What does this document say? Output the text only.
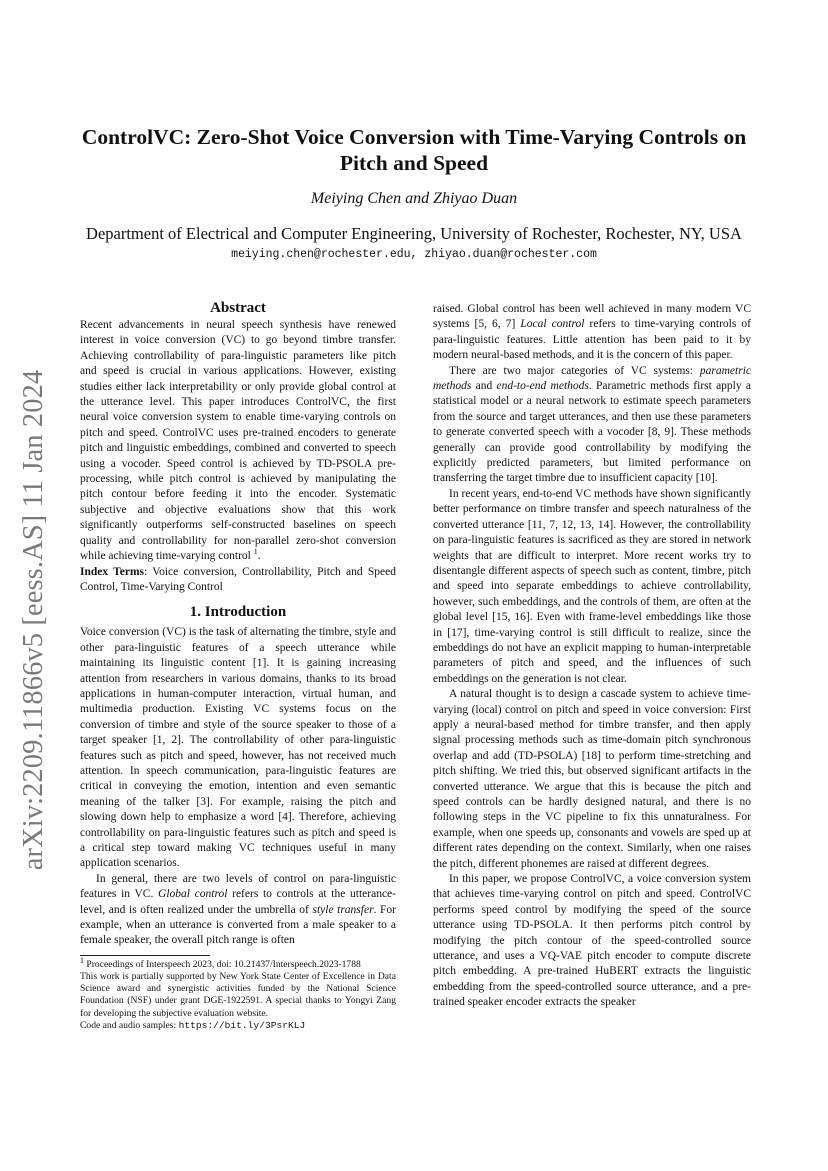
arXiv:2209.11866v5 [eess.AS] 11 Jan 2024
ControlVC: Zero-Shot Voice Conversion with Time-Varying Controls on Pitch and Speed
Meiying Chen and Zhiyao Duan
Department of Electrical and Computer Engineering, University of Rochester, Rochester, NY, USA
meiying.chen@rochester.edu, zhiyao.duan@rochester.com
Abstract

Recent advancements in neural speech synthesis have renewed interest in voice conversion (VC) to go beyond timbre transfer. Achieving controllability of para-linguistic parameters like pitch and speed is crucial in various applications. However, existing studies either lack interpretability or only provide global control at the utterance level. This paper introduces ControlVC, the first neural voice conversion system to enable time-varying controls on pitch and speed. ControlVC uses pre-trained encoders to generate pitch and linguistic embeddings, combined and converted to speech using a vocoder. Speed control is achieved by TD-PSOLA pre-processing, while pitch control is achieved by manipulating the pitch contour before feeding it into the encoder. Systematic subjective and objective evaluations show that this work significantly outperforms self-constructed baselines on speech quality and controllability for non-parallel zero-shot conversion while achieving time-varying control $^1$.

Index Terms: Voice conversion, Controllability, Pitch and Speed Control, Time-Varying Control

1. Introduction

Voice conversion (VC) is the task of alternating the timbre, style and other para-linguistic features of a speech utterance while maintaining its linguistic content [1]. It is gaining increasing attention from researchers in various domains, thanks to its broad applications in human-computer interaction, virtual human, and multimedia production. Existing VC systems focus on the conversion of timbre and style of the source speaker to those of a target speaker [1, 2]. The controllability of other para-linguistic features such as pitch and speed, however, has not received much attention. In speech communication, para-linguistic features are critical in conveying the emotion, intention and even semantic meaning of the talker [3]. For example, raising the pitch and slowing down help to emphasize a word [4]. Therefore, achieving controllability on para-linguistic features such as pitch and speed is a critical step toward making VC techniques useful in many application scenarios.

In general, there are two levels of control on para-linguistic features in VC. Global control refers to controls at the utterance-level, and is often realized under the umbrella of style transfer. For example, when an utterance is converted from a male speaker to a female speaker, the overall pitch range is often

$^1$ Proceedings of Interspeech 2023, doi: 10.21437/Interspeech.2023-1788

This work is partially supported by New York State Center of Excellence in Data Science award and synergistic activities funded by the National Science Foundation (NSF) under grant DGE-1922591. A special thanks to Yongyi Zang for developing the subjective evaluation website.

Code and audio samples: https://bit.ly/3PsrKLJ

raised. Global control has been well achieved in many modern VC systems [5, 6, 7] Local control refers to time-varying controls of para-linguistic features. Little attention has been paid to it by modern neural-based methods, and it is the concern of this paper.

There are two major categories of VC systems: parametric methods and end-to-end methods. Parametric methods first apply a statistical model or a neural network to estimate speech parameters from the source and target utterances, and then use these parameters to generate converted speech with a vocoder [8, 9]. These methods generally can provide good controllability by modifying the explicitly predicted parameters, but limited performance on transferring the target timbre due to insufficient capacity [10].

In recent years, end-to-end VC methods have shown significantly better performance on timbre transfer and speech naturalness of the converted utterance [11, 7, 12, 13, 14]. However, the controllability on para-linguistic features is sacrificed as they are stored in network weights that are difficult to interpret. More recent works try to disentangle different aspects of speech such as content, timbre, pitch and speed into separate embeddings to achieve controllability, however, such embeddings, and the controls of them, are often at the global level [15, 16]. Even with frame-level embeddings like those in [17], time-varying control is still difficult to realize, since the embeddings do not have an explicit mapping to human-interpretable parameters of pitch and speed, and the influences of such embeddings on the generation is not clear.

A natural thought is to design a cascade system to achieve time-varying (local) control on pitch and speed in voice conversion: First apply a neural-based method for timbre transfer, and then apply signal processing methods such as time-domain pitch synchronous overlap and add (TD-PSOLA) [18] to perform time-stretching and pitch shifting. We tried this, but observed significant artifacts in the converted utterance. We argue that this is because the pitch and speed controls can be hardly designed natural, and there is no following steps in the VC pipeline to fix this unnaturalness. For example, when one speeds up, consonants and vowels are sped up at different rates depending on the context. Similarly, when one raises the pitch, different phonemes are raised at different degrees.

In this paper, we propose ControlVC, a voice conversion system that achieves time-varying control on pitch and speed. ControlVC performs speed control by modifying the speed of the source utterance using TD-PSOLA. It then performs pitch control by modifying the pitch contour of the speed-controlled source utterance, and uses a VQ-VAE pitch encoder to compute discrete pitch embedding. A pre-trained HuBERT extracts the linguistic embedding from the speed-controlled source utterance, and a pre-trained speaker encoder extracts the speaker
